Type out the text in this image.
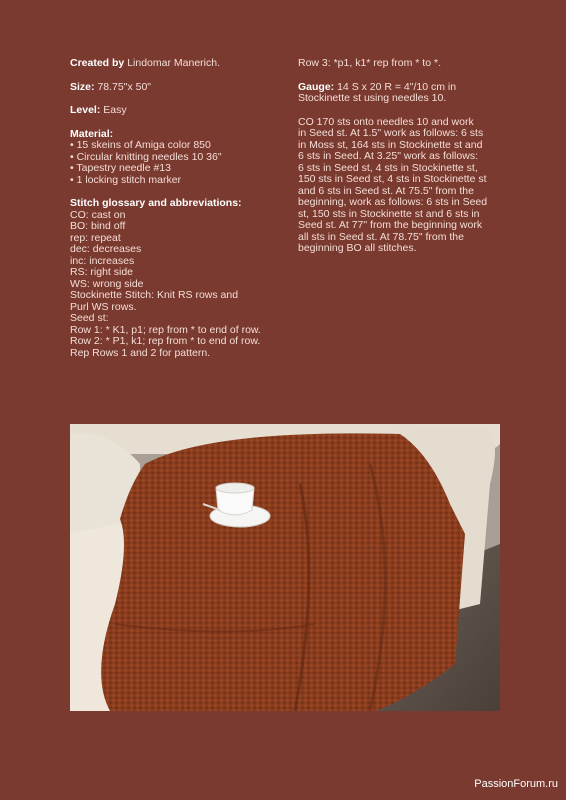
Created by Lindomar Manerich.

Size: 78.75"x 50"

Level: Easy

Material:
• 15 skeins of Amiga color 850
• Circular knitting needles 10 36"
• Tapestry needle #13
• 1 locking stitch marker
Stitch glossary and abbreviations:
CO: cast on
BO: bind off
rep: repeat
dec: decreases
inc: increases
RS: right side
WS: wrong side
Stockinette Stitch: Knit RS rows and
Purl WS rows.
Seed st:
Row 1: * K1, p1; rep from * to end of row.
Row 2: * P1, k1; rep from * to end of row.
Rep Rows 1 and 2 for pattern.

Row 3: *p1, k1* rep from * to *.

Gauge: 14 S x 20 R = 4"/10 cm in
Stockinette st using needles 10.
CO 170 sts onto needles 10 and work
in Seed st. At 1.5" work as follows: 6 sts
in Moss st, 164 sts in Stockinette st and
6 sts in Seed. At 3.25" work as follows:
6 sts in Seed st, 4 sts in Stockinette st,
150 sts in Seed st, 4 sts in Stockinette st
and 6 sts in Seed st. At 75.5" from the
beginning, work as follows: 6 sts in Seed
st, 150 sts in Stockinette st and 6 sts in
Seed st. At 77" from the beginning work
all sts in Seed st. At 78.75" from the
beginning BO all stitches.
PassionForum.ru
